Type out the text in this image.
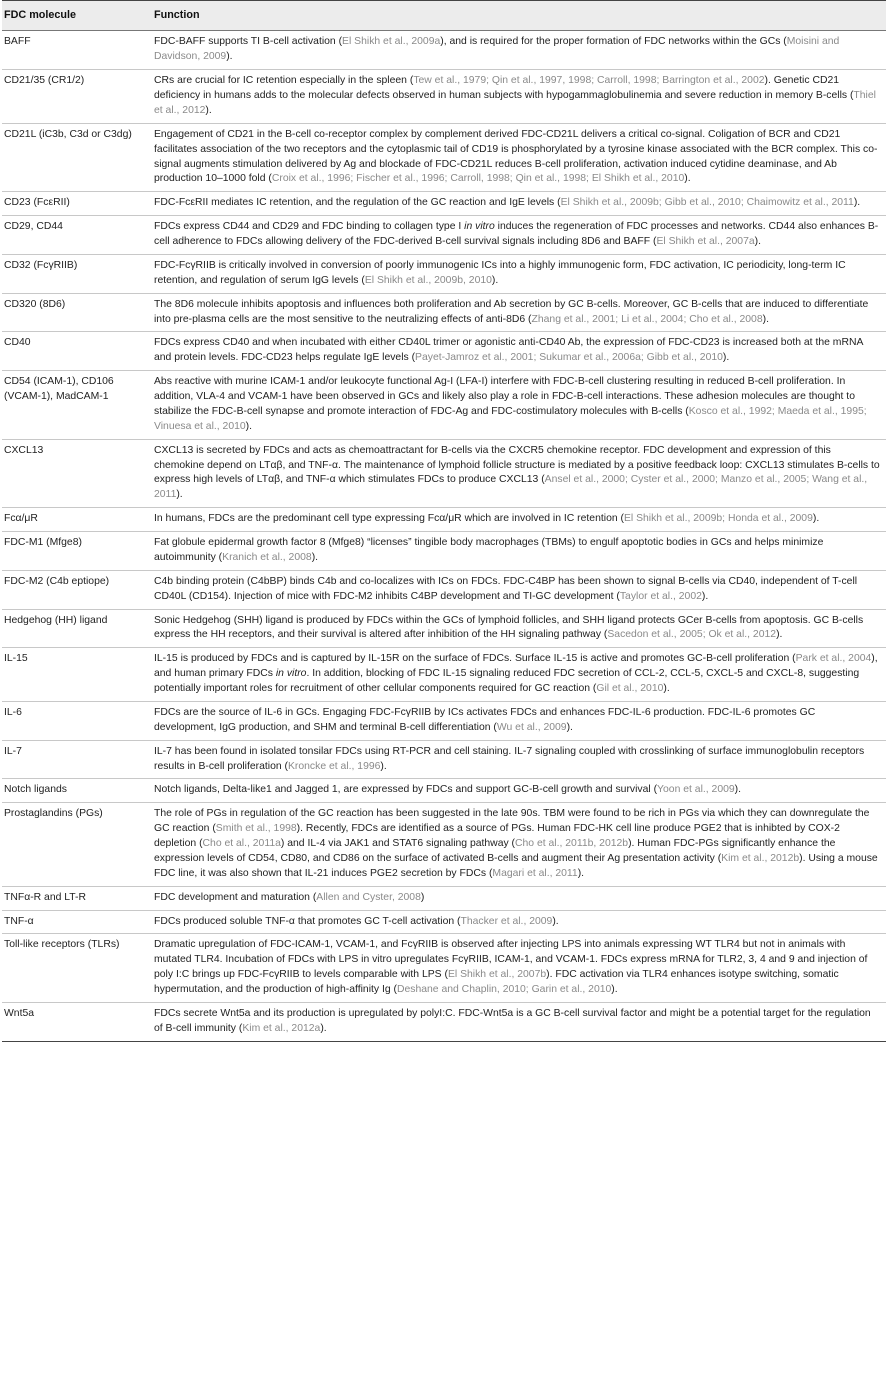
FDC molecule	Function
BAFF	FDC-BAFF supports TI B-cell activation (El Shikh et al., 2009a), and is required for the proper formation of FDC networks within the GCs (Moisini and Davidson, 2009).
CD21/35 (CR1/2)	CRs are crucial for IC retention especially in the spleen (Tew et al., 1979; Qin et al., 1997, 1998; Carroll, 1998; Barrington et al., 2002). Genetic CD21 deficiency in humans adds to the molecular defects observed in human subjects with hypogammaglobulinemia and severe reduction in memory B-cells (Thiel et al., 2012).
CD21L (iC3b, C3d or C3dg)	Engagement of CD21 in the B-cell co-receptor complex by complement derived FDC-CD21L delivers a critical co-signal. Coligation of BCR and CD21 facilitates association of the two receptors and the cytoplasmic tail of CD19 is phosphorylated by a tyrosine kinase associated with the BCR complex. This co-signal augments stimulation delivered by Ag and blockade of FDC-CD21L reduces B-cell proliferation, activation induced cytidine deaminase, and Ab production 10–1000 fold (Croix et al., 1996; Fischer et al., 1996; Carroll, 1998; Qin et al., 1998; El Shikh et al., 2010).
CD23 (FcεRII)	FDC-FcεRII mediates IC retention, and the regulation of the GC reaction and IgE levels (El Shikh et al., 2009b; Gibb et al., 2010; Chaimowitz et al., 2011).
CD29, CD44	FDCs express CD44 and CD29 and FDC binding to collagen type I in vitro induces the regeneration of FDC processes and networks. CD44 also enhances B-cell adherence to FDCs allowing delivery of the FDC-derived B-cell survival signals including 8D6 and BAFF (El Shikh et al., 2007a).
CD32 (FcγRIIB)	FDC-FcγRIIB is critically involved in conversion of poorly immunogenic ICs into a highly immunogenic form, FDC activation, IC periodicity, long-term IC retention, and regulation of serum IgG levels (El Shikh et al., 2009b, 2010).
CD320 (8D6)	The 8D6 molecule inhibits apoptosis and influences both proliferation and Ab secretion by GC B-cells. Moreover, GC B-cells that are induced to differentiate into pre-plasma cells are the most sensitive to the neutralizing effects of anti-8D6 (Zhang et al., 2001; Li et al., 2004; Cho et al., 2008).
CD40	FDCs express CD40 and when incubated with either CD40L trimer or agonistic anti-CD40 Ab, the expression of FDC-CD23 is increased both at the mRNA and protein levels. FDC-CD23 helps regulate IgE levels (Payet-Jamroz et al., 2001; Sukumar et al., 2006a; Gibb et al., 2010).
CD54 (ICAM-1), CD106 (VCAM-1), MadCAM-1	Abs reactive with murine ICAM-1 and/or leukocyte functional Ag-I (LFA-I) interfere with FDC-B-cell clustering resulting in reduced B-cell proliferation. In addition, VLA-4 and VCAM-1 have been observed in GCs and likely also play a role in FDC-B-cell interactions. These adhesion molecules are thought to stabilize the FDC-B-cell synapse and promote interaction of FDC-Ag and FDC-costimulatory molecules with B-cells (Kosco et al., 1992; Maeda et al., 1995; Vinuesa et al., 2010).
CXCL13	CXCL13 is secreted by FDCs and acts as chemoattractant for B-cells via the CXCR5 chemokine receptor. FDC development and expression of this chemokine depend on LTαβ, and TNF-α. The maintenance of lymphoid follicle structure is mediated by a positive feedback loop: CXCL13 stimulates B-cells to express high levels of LTαβ, and TNF-α which stimulates FDCs to produce CXCL13 (Ansel et al., 2000; Cyster et al., 2000; Manzo et al., 2005; Wang et al., 2011).
Fcα/μR	In humans, FDCs are the predominant cell type expressing Fcα/μR which are involved in IC retention (El Shikh et al., 2009b; Honda et al., 2009).
FDC-M1 (Mfge8)	Fat globule epidermal growth factor 8 (Mfge8) “licenses” tingible body macrophages (TBMs) to engulf apoptotic bodies in GCs and helps minimize autoimmunity (Kranich et al., 2008).
FDC-M2 (C4b eptiope)	C4b binding protein (C4bBP) binds C4b and co-localizes with ICs on FDCs. FDC-C4BP has been shown to signal B-cells via CD40, independent of T-cell CD40L (CD154). Injection of mice with FDC-M2 inhibits C4BP development and TI-GC development (Taylor et al., 2002).
Hedgehog (HH) ligand	Sonic Hedgehog (SHH) ligand is produced by FDCs within the GCs of lymphoid follicles, and SHH ligand protects GCer B-cells from apoptosis. GC B-cells express the HH receptors, and their survival is altered after inhibition of the HH signaling pathway (Sacedon et al., 2005; Ok et al., 2012).
IL-15	IL-15 is produced by FDCs and is captured by IL-15R on the surface of FDCs. Surface IL-15 is active and promotes GC-B-cell proliferation (Park et al., 2004), and human primary FDCs in vitro. In addition, blocking of FDC IL-15 signaling reduced FDC secretion of CCL-2, CCL-5, CXCL-5 and CXCL-8, suggesting potentially important roles for recruitment of other cellular components required for GC reaction (Gil et al., 2010).
IL-6	FDCs are the source of IL-6 in GCs. Engaging FDC-FcγRIIB by ICs activates FDCs and enhances FDC-IL-6 production. FDC-IL-6 promotes GC development, IgG production, and SHM and terminal B-cell differentiation (Wu et al., 2009).
IL-7	IL-7 has been found in isolated tonsilar FDCs using RT-PCR and cell staining. IL-7 signaling coupled with crosslinking of surface immunoglobulin receptors results in B-cell proliferation (Kroncke et al., 1996).
Notch ligands	Notch ligands, Delta-like1 and Jagged 1, are expressed by FDCs and support GC-B-cell growth and survival (Yoon et al., 2009).
Prostaglandins (PGs)	The role of PGs in regulation of the GC reaction has been suggested in the late 90s. TBM were found to be rich in PGs via which they can downregulate the GC reaction (Smith et al., 1998). Recently, FDCs are identified as a source of PGs. Human FDC-HK cell line produce PGE2 that is inhibted by COX-2 depletion (Cho et al., 2011a) and IL-4 via JAK1 and STAT6 signaling pathway (Cho et al., 2011b, 2012b). Human FDC-PGs significantly enhance the expression levels of CD54, CD80, and CD86 on the surface of activated B-cells and augment their Ag presentation activity (Kim et al., 2012b). Using a mouse FDC line, it was also shown that IL-21 induces PGE2 secretion by FDCs (Magari et al., 2011).
TNFα-R and LT-R	FDC development and maturation (Allen and Cyster, 2008)
TNF-α	FDCs produced soluble TNF-α that promotes GC T-cell activation (Thacker et al., 2009).
Toll-like receptors (TLRs)	Dramatic upregulation of FDC-ICAM-1, VCAM-1, and FcγRIIB is observed after injecting LPS into animals expressing WT TLR4 but not in animals with mutated TLR4. Incubation of FDCs with LPS in vitro upregulates FcγRIIB, ICAM-1, and VCAM-1. FDCs express mRNA for TLR2, 3, 4 and 9 and injection of poly I:C brings up FDC-FcγRIIB to levels comparable with LPS (El Shikh et al., 2007b). FDC activation via TLR4 enhances isotype switching, somatic hypermutation, and the production of high-affinity Ig (Deshane and Chaplin, 2010; Garin et al., 2010).
Wnt5a	FDCs secrete Wnt5a and its production is upregulated by polyI:C. FDC-Wnt5a is a GC B-cell survival factor and might be a potential target for the regulation of B-cell immunity (Kim et al., 2012a).
